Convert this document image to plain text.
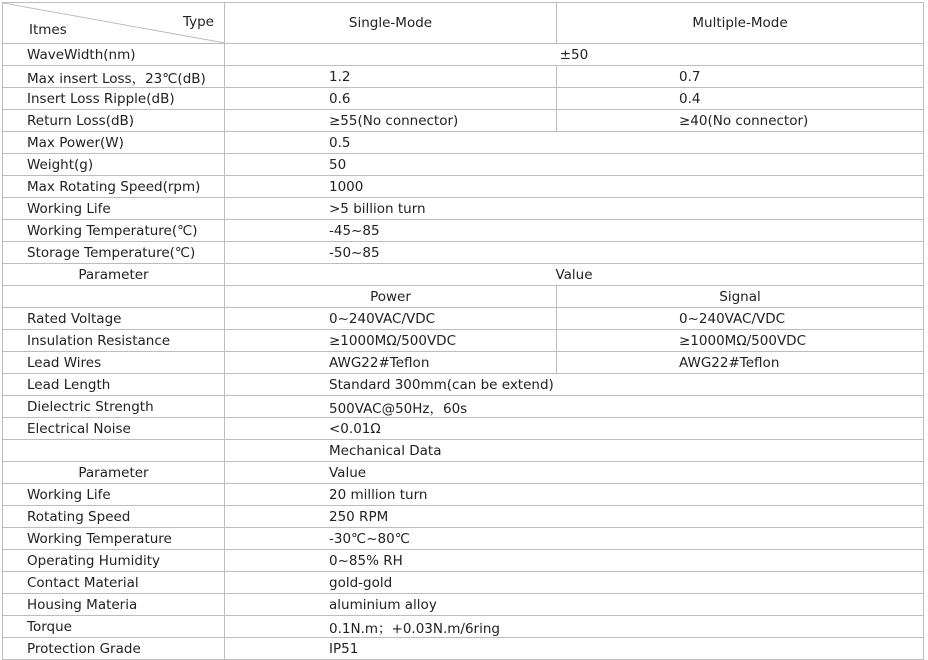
Itmes Type	Single-Mode	Multiple-Mode
WaveWidth(nm)	±50	
Max insert Loss，23℃(dB)	1.2	0.7
Insert Loss Ripple(dB)	0.6	0.4
Return Loss(dB)	≥55(No connector)	≥40(No connector)
Max Power(W)	0.5	
Weight(g)	50	
Max Rotating Speed(rpm)	1000	
Working Life	>5 billion turn	
Working Temperature(℃)	-45~85	
Storage Temperature(℃)	-50~85	
Parameter	Value	
	Power	Signal
Rated Voltage	0~240VAC/VDC	0~240VAC/VDC
Insulation Resistance	≥1000MΩ/500VDC	≥1000MΩ/500VDC
Lead Wires	AWG22#Teflon	AWG22#Teflon
Lead Length	Standard 300mm(can be extend)	
Dielectric Strength	500VAC@50Hz，60s	
Electrical Noise	<0.01Ω	
	Mechanical Data	
Parameter	Value	
Working Life	20 million turn	
Rotating Speed	250 RPM	
Working Temperature	-30℃~80℃	
Operating Humidity	0~85% RH	
Contact Material	gold-gold	
Housing Materia	aluminium alloy	
Torque	0.1N.m；+0.03N.m/6ring	
Protection Grade	IP51	
